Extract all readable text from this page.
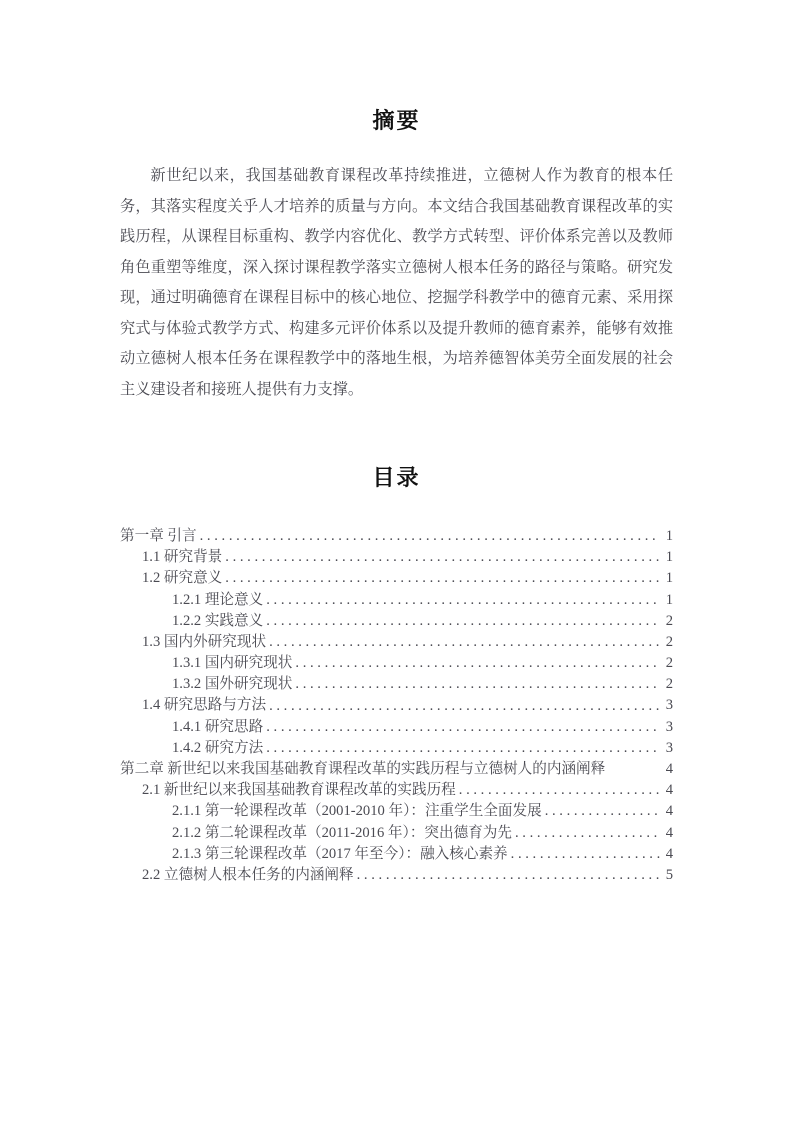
摘要

新世纪以来，我国基础教育课程改革持续推进，立德树人作为教育的根本任务，其落实程度关乎人才培养的质量与方向。本文结合我国基础教育课程改革的实践历程，从课程目标重构、教学内容优化、教学方式转型、评价体系完善以及教师角色重塑等维度，深入探讨课程教学落实立德树人根本任务的路径与策略。研究发现，通过明确德育在课程目标中的核心地位、挖掘学科教学中的德育元素、采用探究式与体验式教学方式、构建多元评价体系以及提升教师的德育素养，能够有效推动立德树人根本任务在课程教学中的落地生根，为培养德智体美劳全面发展的社会主义建设者和接班人提供有力支撑。

目录
第一章 引言 . . .	1
1.1 研究背景 . . .	1
1.2 研究意义 . . .	1
1.2.1 理论意义 . . .	1
1.2.2 实践意义 . . .	2
1.3 国内外研究现状 . . .	2
1.3.1 国内研究现状 . . .	2
1.3.2 国外研究现状 . . .	2
1.4 研究思路与方法 . . .	3
1.4.1 研究思路 . . .	3
1.4.2 研究方法 . . .	3
第二章 新世纪以来我国基础教育课程改革的实践历程与立德树人的内涵阐释	4
2.1 新世纪以来我国基础教育课程改革的实践历程 . . .	4
2.1.1 第一轮课程改革（2001-2010 年）：注重学生全面发展 . . .	4
2.1.2 第二轮课程改革（2011-2016 年）：突出德育为先 . . .	4
2.1.3 第三轮课程改革（2017 年至今）：融入核心素养 . . .	4
2.2 立德树人根本任务的内涵阐释 . . .	5
